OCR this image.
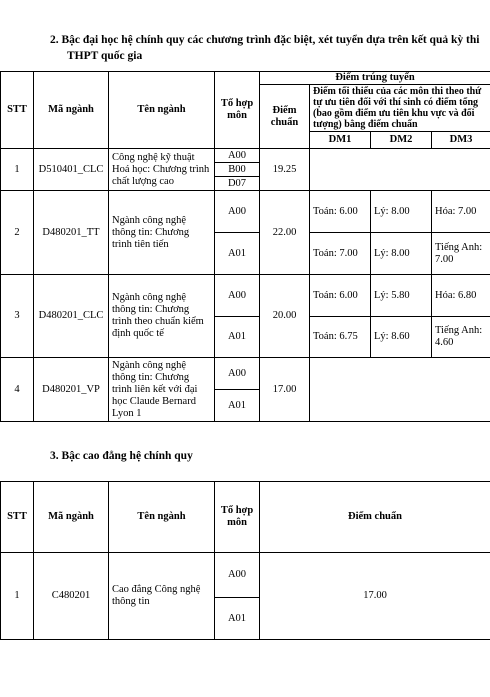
2. Bậc đại học hệ chính quy các chương trình đặc biệt, xét tuyển dựa trên kết quả kỳ thi
THPT quốc gia
STT	Mã ngành	Tên ngành	Tổ hợp môn	Điểm trúng tuyển			
				Điểm chuẩn	Điểm tối thiểu của các môn thi theo thứ tự ưu tiên đối với thí sinh có điểm tổng (bao gồm điểm ưu tiên khu vực và đối tượng) bằng điểm chuẩn		
					DM1	DM2	DM3
1	D510401_CLC	Công nghệ kỹ thuật Hoá học: Chương trình chất lượng cao	A00	19.25			
			B00				
			D07				
2	D480201_TT	Ngành công nghệ thông tin: Chương trình tiên tiến	A00	22.00	Toán: 6.00	Lý: 8.00	Hóa: 7.00
			A01		Toán: 7.00	Lý: 8.00	Tiếng Anh: 7.00
3	D480201_CLC	Ngành công nghệ thông tin: Chương trình theo chuẩn kiểm định quốc tế	A00	20.00	Toán: 6.00	Lý: 5.80	Hóa: 6.80
			A01		Toán: 6.75	Lý: 8.60	Tiếng Anh: 4.60
4	D480201_VP	Ngành công nghệ thông tin: Chương trình liên kết với đại học Claude Bernard Lyon 1	A00	17.00			
			A01				
3. Bậc cao đẳng hệ chính quy
STT	Mã ngành	Tên ngành	Tổ hợp môn	Điểm chuẩn
1	C480201	Cao đẳng Công nghệ thông tin	A00	17.00
			A01	
